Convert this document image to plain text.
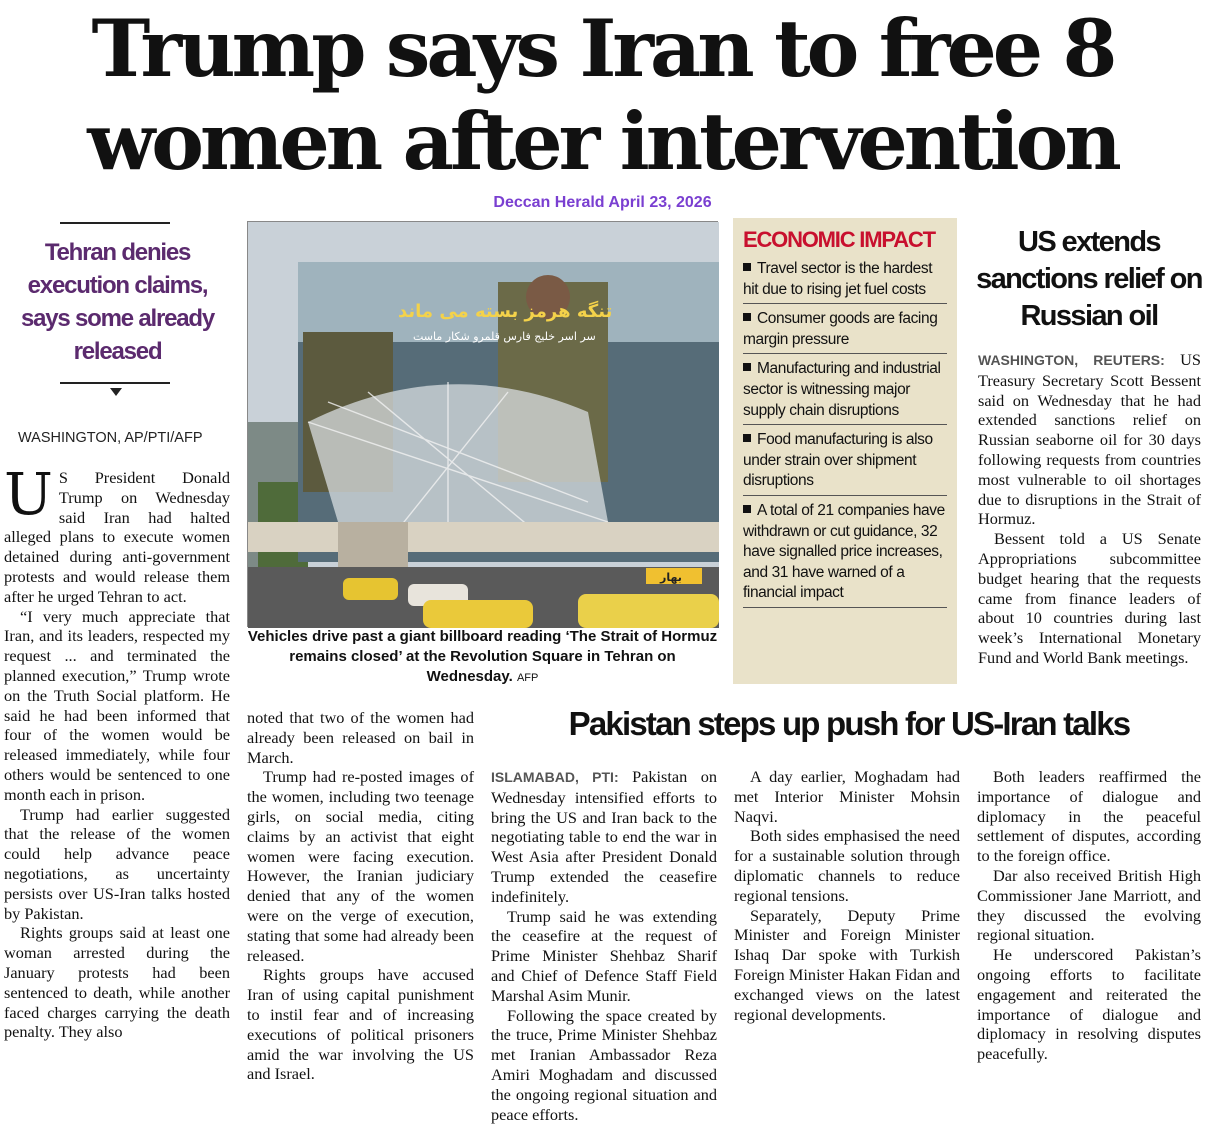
Trump says Iran to free 8
women after intervention
Deccan Herald April 23, 2026
Tehran denies execution claims, says some already released
WASHINGTON, AP/PTI/AFP

U S President Donald Trump on Wednesday said Iran had halted alleged plans to execute women detained during anti-government protests and would release them after he urged Tehran to act.

“I very much appreciate that Iran, and its leaders, respected my request ... and terminated the planned execution,” Trump wrote on the Truth Social platform. He said he had been informed that four of the women would be released immediately, while four others would be sentenced to one month each in prison.

Trump had earlier suggested that the release of the women could help advance peace negotiations, as uncertainty persists over US-Iran talks hosted by Pakistan.

Rights groups said at least one woman arrested during the January protests had been sentenced to death, while another faced charges carrying the death penalty. They also

noted that two of the women had already been released on bail in March.

Trump had re-posted images of the women, including two teenage girls, on social media, citing claims by an activist that eight women were facing execution. However, the Iranian judiciary denied that any of the women were on the verge of execution, stating that some had already been released.

Rights groups have accused Iran of using capital punishment to instil fear and of increasing executions of political prisoners amid the war involving the US and Israel.

تنگه هرمز بسته می ماند
سر اسر خلیج فارس قلمرو شکار ماست
بهار
Vehicles drive past a giant billboard reading ‘The Strait of Hormuz remains closed’ at the Revolution Square in Tehran on Wednesday. AFP
ECONOMIC IMPACT
Travel sector is the hardest hit due to rising jet fuel costs
Consumer goods are facing margin pressure
Manufacturing and industrial sector is witnessing major supply chain disruptions
Food manufacturing is also under strain over shipment disruptions
A total of 21 companies have withdrawn or cut guidance, 32 have signalled price increases, and 31 have warned of a financial impact
US extends sanctions relief on Russian oil

WASHINGTON, REUTERS: US Treasury Secretary Scott Bessent said on Wednesday that he had extended sanctions relief on Russian seaborne oil for 30 days following requests from countries most vulnerable to oil shortages due to disruptions in the Strait of Hormuz.

Bessent told a US Senate Appropriations subcommittee budget hearing that the requests came from finance leaders of about 10 countries during last week’s International Monetary Fund and World Bank meetings.

Pakistan steps up push for US-Iran talks

ISLAMABAD, PTI: Pakistan on Wednesday intensified efforts to bring the US and Iran back to the negotiating table to end the war in West Asia after President Donald Trump extended the ceasefire indefinitely.

Trump said he was extending the ceasefire at the request of Prime Minister Shehbaz Sharif and Chief of Defence Staff Field Marshal Asim Munir.

Following the space created by the truce, Prime Minister Shehbaz met Iranian Ambassador Reza Amiri Moghadam and discussed the ongoing regional situation and peace efforts.

A day earlier, Moghadam had met Interior Minister Mohsin Naqvi.

Both sides emphasised the need for a sustainable solution through diplomatic channels to reduce regional tensions.

Separately, Deputy Prime Minister and Foreign Minister Ishaq Dar spoke with Turkish Foreign Minister Hakan Fidan and exchanged views on the latest regional developments.

Both leaders reaffirmed the importance of dialogue and diplomacy in the peaceful settlement of disputes, according to the foreign office.

Dar also received British High Commissioner Jane Marriott, and they discussed the evolving regional situation.

He underscored Pakistan’s ongoing efforts to facilitate engagement and reiterated the importance of dialogue and diplomacy in resolving disputes peacefully.
